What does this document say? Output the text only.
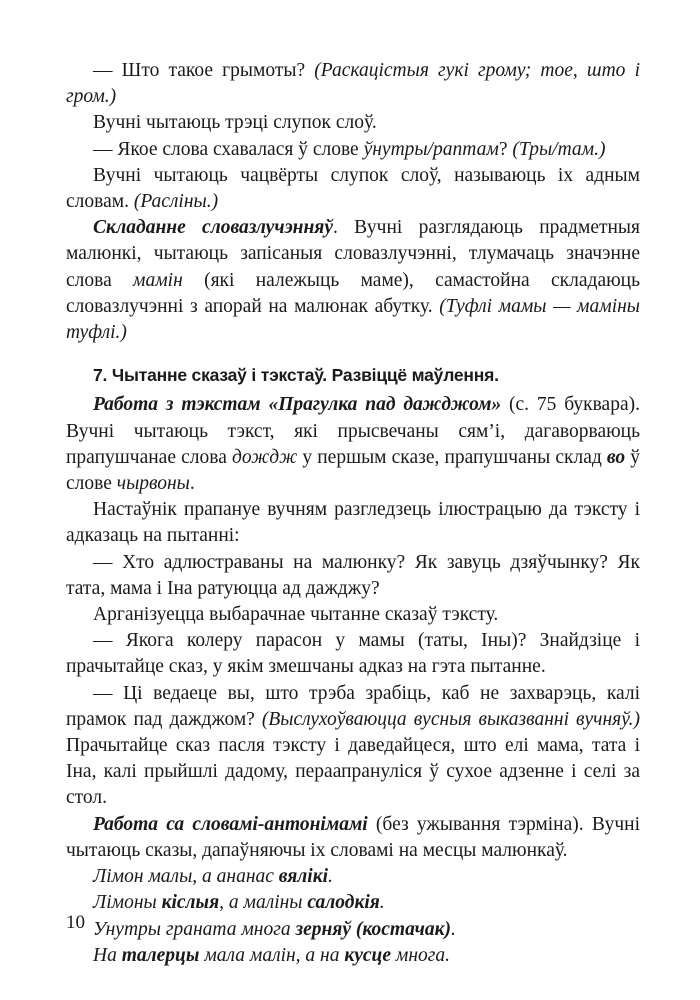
— Што такое грымоты? (Раскацістыя гукі грому; тое, што і гром.)

Вучні чытаюць трэці слупок слоў.

— Якое слова схавалася ў слове ўнутры/раптам? (Тры/там.)

Вучні чытаюць чацвёрты слупок слоў, называюць іх адным словам. (Расліны.)

Складанне словазлучэнняў. Вучні разглядаюць прадметныя малюнкі, чытаюць запісаныя словазлучэнні, тлумачаць значэнне слова мамін (які належыць маме), самастойна складаюць словазлучэнні з апорай на малюнак абутку. (Туфлі мамы — маміны туфлі.)

7. Чытанне сказаў і тэкстаў. Развіццё маўлення.

Работа з тэкстам «Прагулка пад дажджом» (с. 75 буквара). Вучні чытаюць тэкст, які прысвечаны сям’і, дагаворваюць прапушчанае слова дождж у першым сказе, прапушчаны склад во ў слове чырвоны.

Настаўнік прапануе вучням разгледзець ілюстрацыю да тэксту і адказаць на пытанні:

— Хто адлюстраваны на малюнку? Як завуць дзяўчынку? Як тата, мама і Іна ратуюцца ад дажджу?

Арганізуецца выбарачнае чытанне сказаў тэксту.

— Якога колеру парасон у мамы (таты, Іны)? Знайдзіце і прачытайце сказ, у якім змешчаны адказ на гэта пытанне.

— Ці ведаеце вы, што трэба зрабіць, каб не захварэць, калі прамок пад дажджом? (Выслухоўваюцца вусныя выказванні вучняў.) Прачытайце сказ пасля тэксту і даведайцеся, што елі мама, тата і Іна, калі прыйшлі дадому, пераапрануліся ў сухое адзенне і селі за стол.

Работа са словамі-антонімамі (без ужывання тэрміна). Вучні чытаюць сказы, дапаўняючы іх словамі на месцы малюнкаў.

Лімон малы, а ананас вялікі.

Лімоны кіслыя, а маліны салодкія.

Унутры граната многа зерняў (костачак).

На талерцы мала малін, а на кусце многа.

10
